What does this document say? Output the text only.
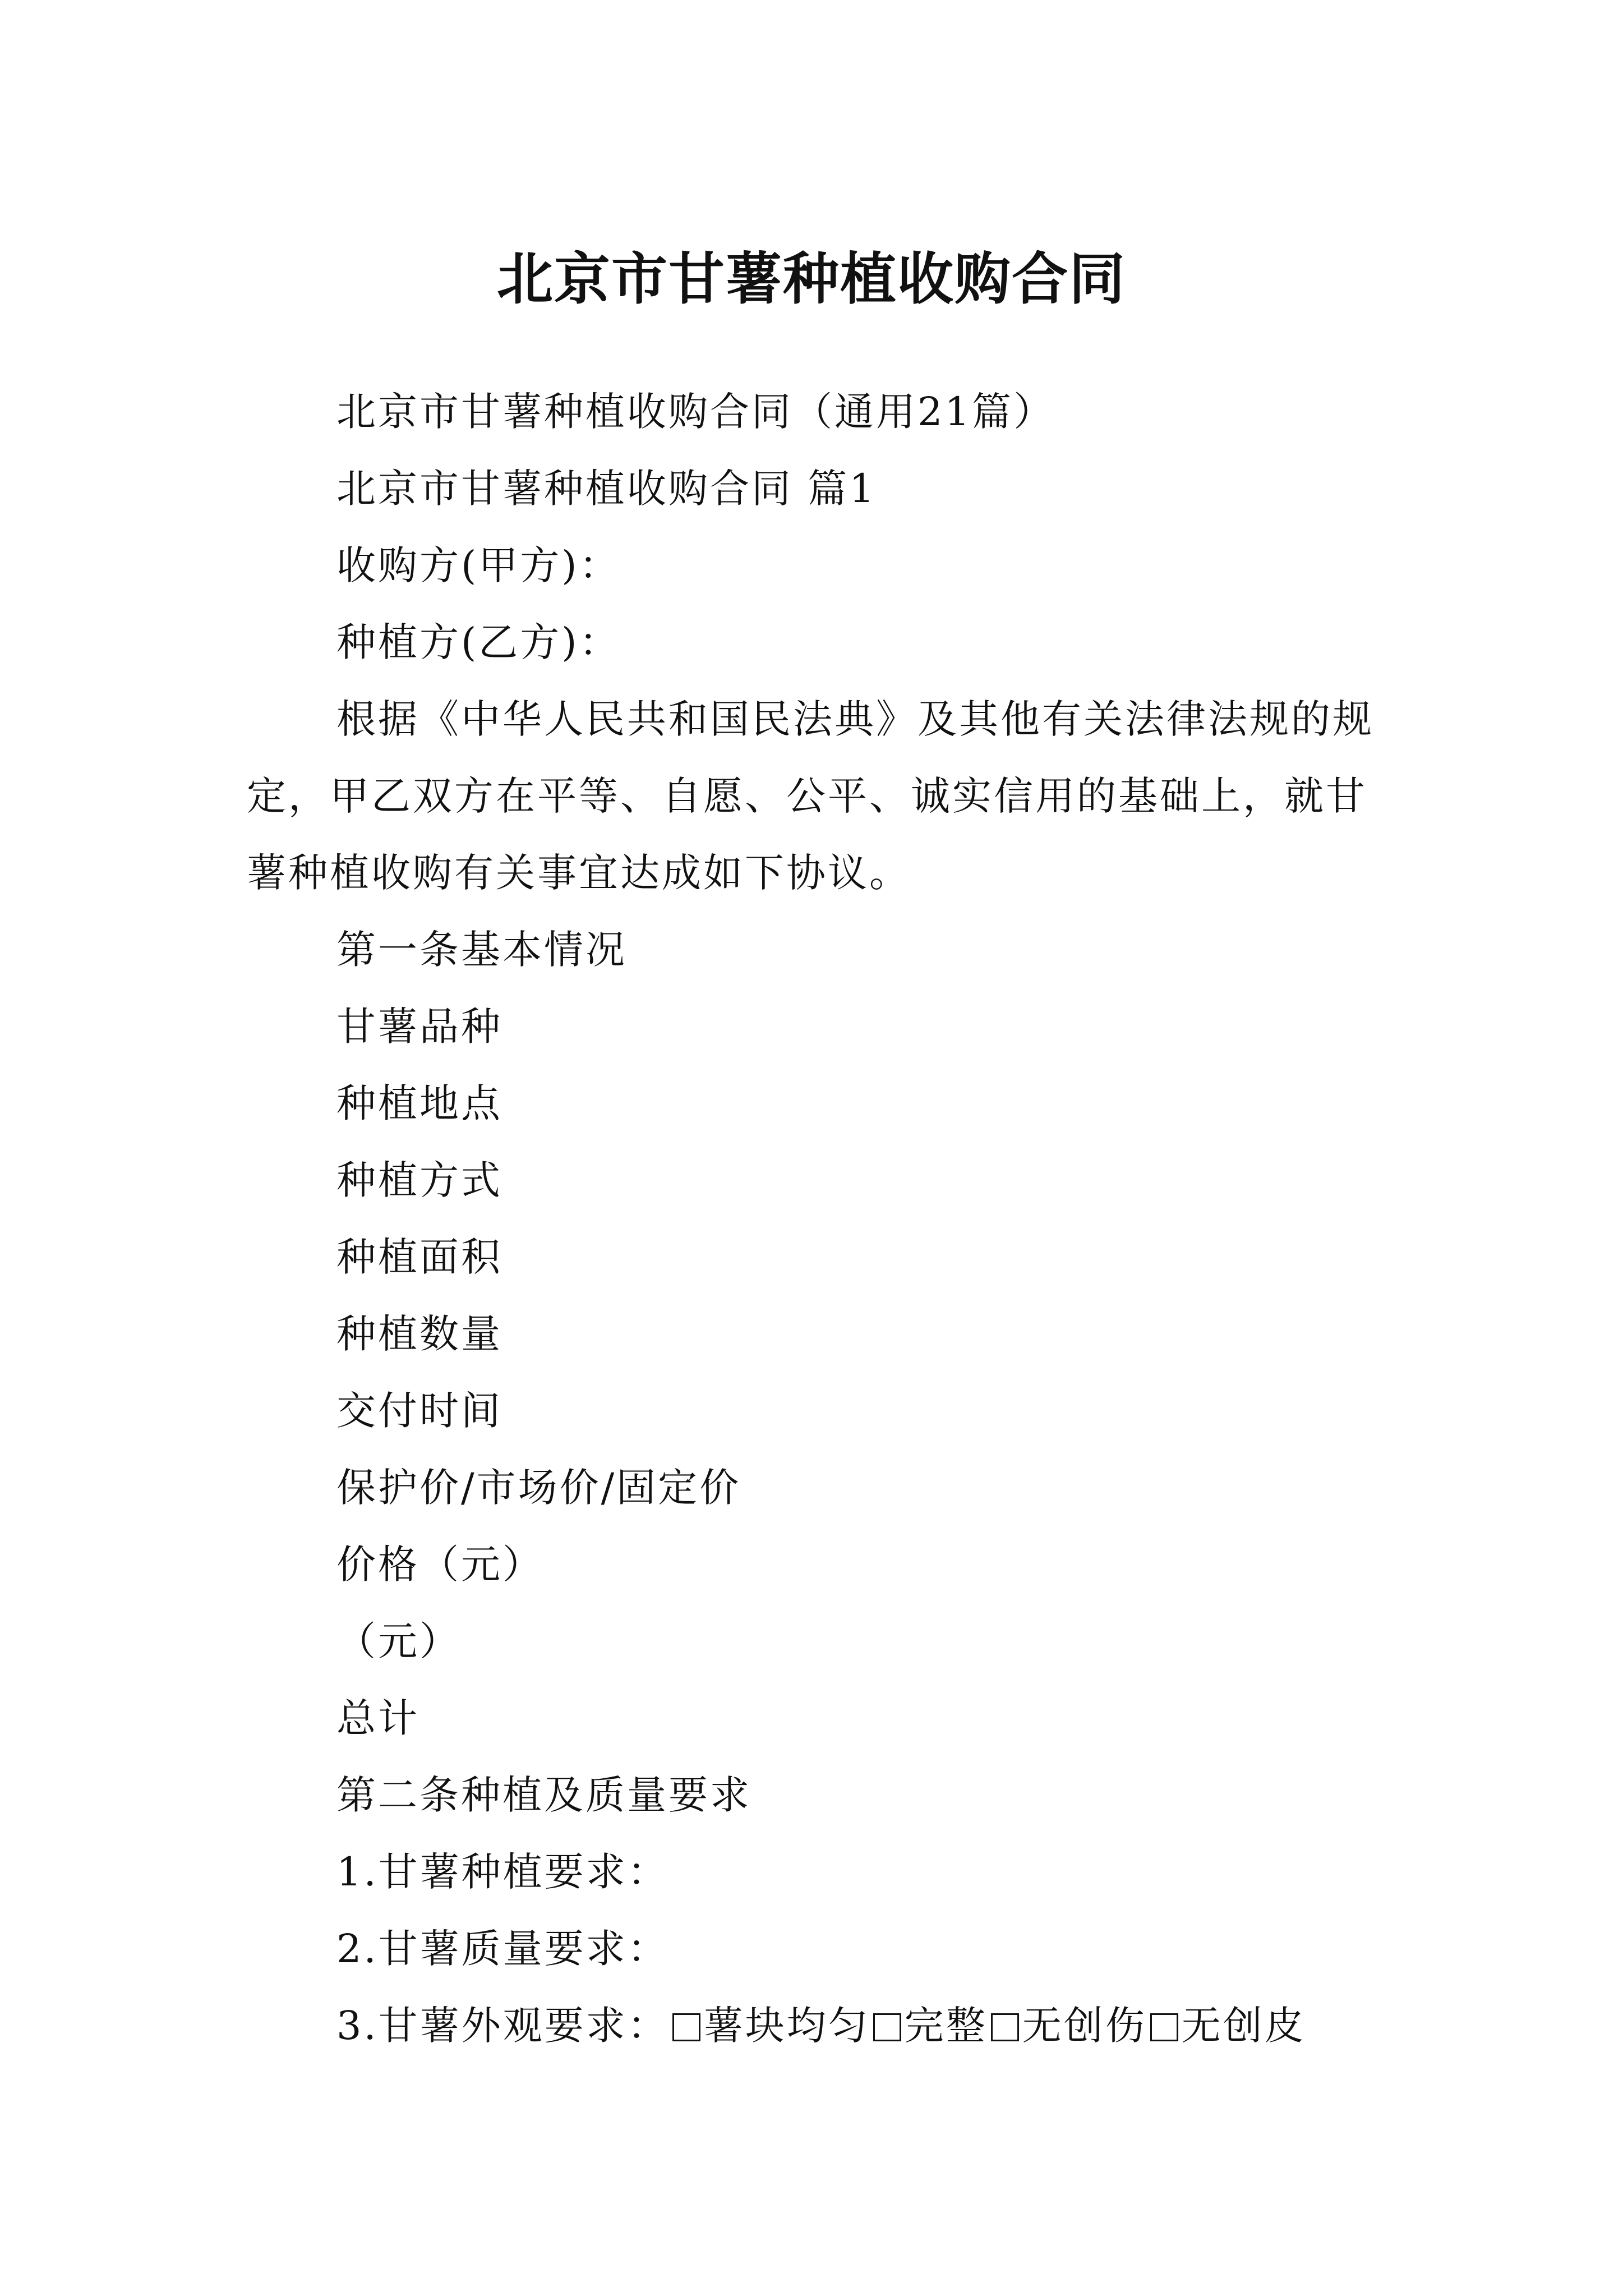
北京市甘薯种植收购合同

北京市甘薯种植收购合同（通用21篇）

北京市甘薯种植收购合同 篇1

收购方(甲方)：

种植方(乙方)：

根据《中华人民共和国民法典》及其他有关法律法规的规定，甲乙双方在平等、自愿、公平、诚实信用的基础上，就甘薯种植收购有关事宜达成如下协议。

第一条基本情况

甘薯品种

种植地点

种植方式

种植面积

种植数量

交付时间

保护价/市场价/固定价

价格（元）

（元）

总计

第二条种植及质量要求

1.甘薯种植要求：

2.甘薯质量要求：

3.甘薯外观要求： 薯块均匀 完整 无创伤 无创皮
